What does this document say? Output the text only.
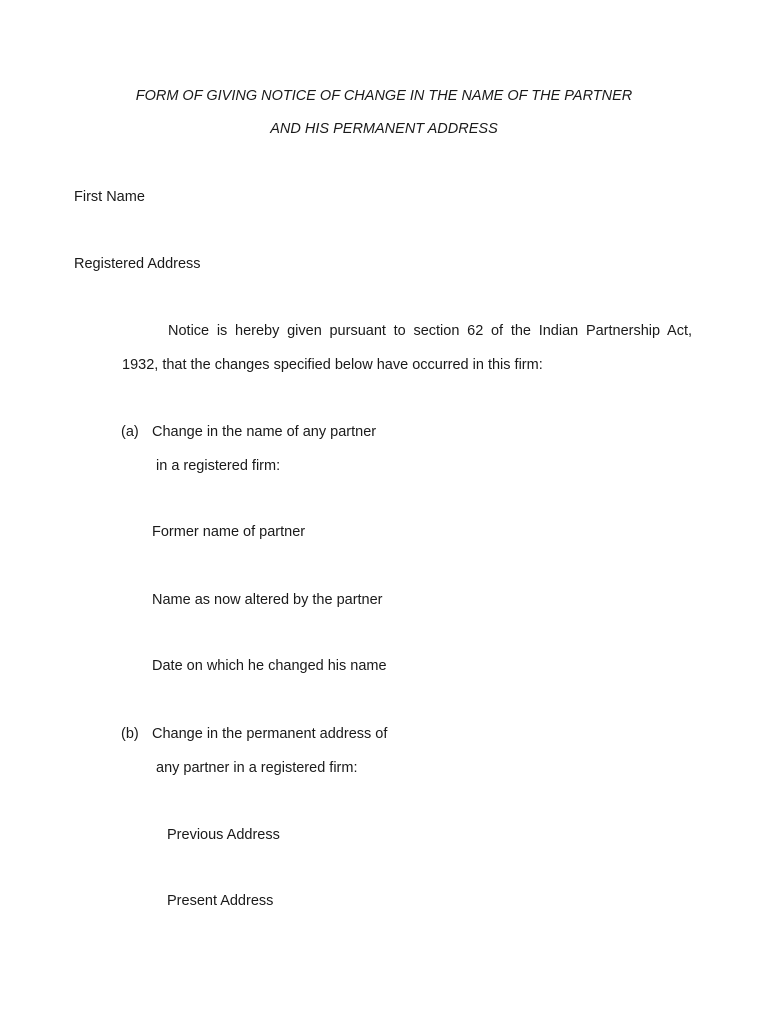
FORM OF GIVING NOTICE OF CHANGE IN THE NAME OF THE PARTNER
AND HIS PERMANENT ADDRESS
First Name
Registered Address
Notice is hereby given pursuant to section 62 of the Indian Partnership Act,
1932, that the changes specified below have occurred in this firm:
(a) Change in the name of any partner
in a registered firm:
Former name of partner
Name as now altered by the partner
Date on which he changed his name
(b) Change in the permanent address of
any partner in a registered firm:
Previous Address
Present Address
